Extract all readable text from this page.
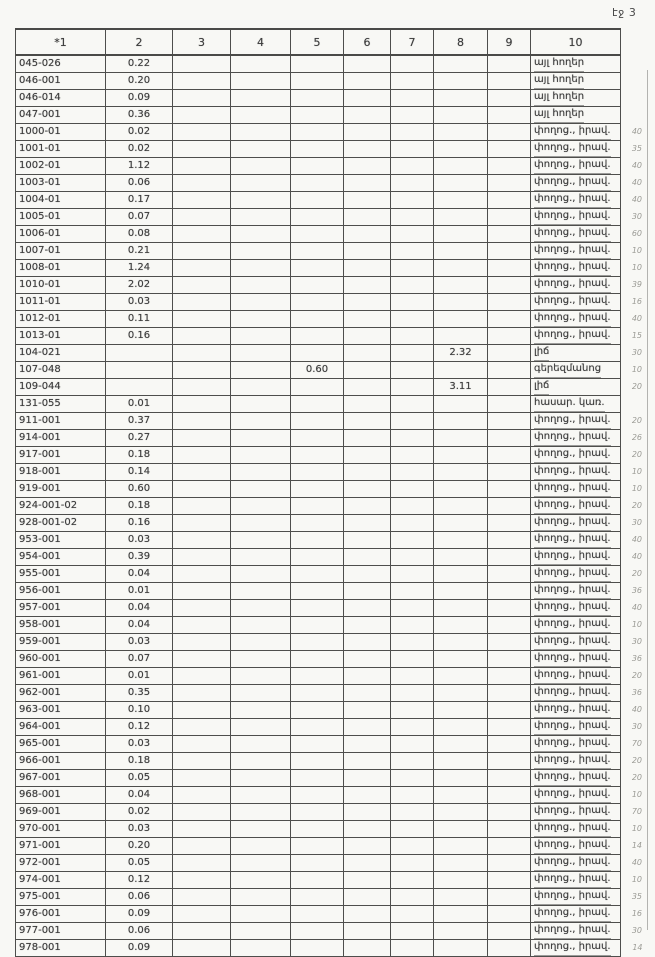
էջ 3
*1	2	3	4	5	6	7	8	9	10	
045-026	0.22								այլ հողեր	
046-001	0.20								այլ հողեր	
046-014	0.09								այլ հողեր	
047-001	0.36								այլ հողեր	
1000-01	0.02								փողոց., իրավ.	40
1001-01	0.02								փողոց., իրավ.	35
1002-01	1.12								փողոց., իրավ.	40
1003-01	0.06								փողոց., իրավ.	40
1004-01	0.17								փողոց., իրավ.	40
1005-01	0.07								փողոց., իրավ.	30
1006-01	0.08								փողոց., իրավ.	60
1007-01	0.21								փողոց., իրավ.	10
1008-01	1.24								փողոց., իրավ.	10
1010-01	2.02								փողոց., իրավ.	39
1011-01	0.03								փողոց., իրավ.	16
1012-01	0.11								փողոց., իրավ.	40
1013-01	0.16								փողոց., իրավ.	15
104-021							2.32		լիճ	30
107-048				0.60					գերեզմանոց	10
109-044							3.11		լիճ	20
131-055	0.01								հասար. կառ.	
911-001	0.37								փողոց., իրավ.	20
914-001	0.27								փողոց., իրավ.	26
917-001	0.18								փողոց., իրավ.	20
918-001	0.14								փողոց., իրավ.	10
919-001	0.60								փողոց., իրավ.	10
924-001-02	0.18								փողոց., իրավ.	20
928-001-02	0.16								փողոց., իրավ.	30
953-001	0.03								փողոց., իրավ.	40
954-001	0.39								փողոց., իրավ.	40
955-001	0.04								փողոց., իրավ.	20
956-001	0.01								փողոց., իրավ.	36
957-001	0.04								փողոց., իրավ.	40
958-001	0.04								փողոց., իրավ.	10
959-001	0.03								փողոց., իրավ.	30
960-001	0.07								փողոց., իրավ.	36
961-001	0.01								փողոց., իրավ.	20
962-001	0.35								փողոց., իրավ.	36
963-001	0.10								փողոց., իրավ.	40
964-001	0.12								փողոց., իրավ.	30
965-001	0.03								փողոց., իրավ.	70
966-001	0.18								փողոց., իրավ.	20
967-001	0.05								փողոց., իրավ.	20
968-001	0.04								փողոց., իրավ.	10
969-001	0.02								փողոց., իրավ.	70
970-001	0.03								փողոց., իրավ.	10
971-001	0.20								փողոց., իրավ.	14
972-001	0.05								փողոց., իրավ.	40
974-001	0.12								փողոց., իրավ.	10
975-001	0.06								փողոց., իրավ.	35
976-001	0.09								փողոց., իրավ.	16
977-001	0.06								փողոց., իրավ.	30
978-001	0.09								փողոց., իրավ.	14
